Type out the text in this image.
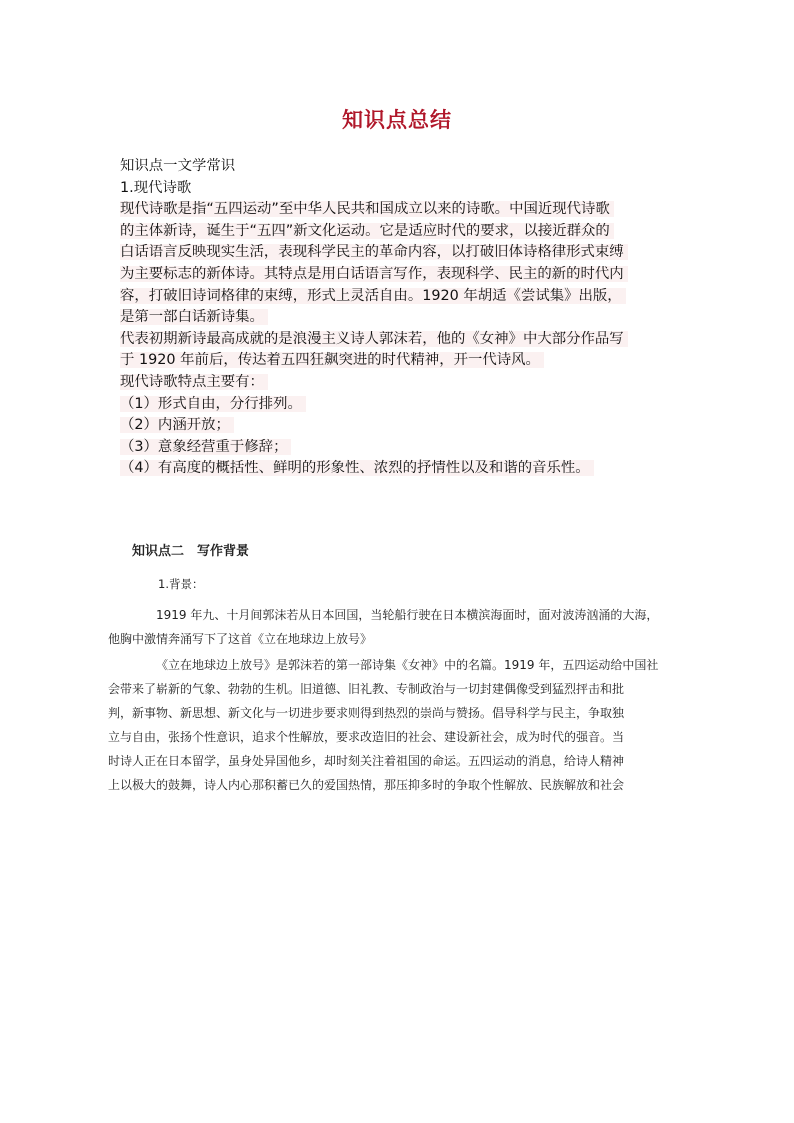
知识点总结
知识点一文学常识
1.现代诗歌
现代诗歌是指“五四运动”至中华人民共和国成立以来的诗歌。中国近现代诗歌
的主体新诗，诞生于“五四”新文化运动。它是适应时代的要求，以接近群众的
白话语言反映现实生活，表现科学民主的革命内容，以打破旧体诗格律形式束缚
为主要标志的新体诗。其特点是用白话语言写作，表现科学、民主的新的时代内
容，打破旧诗词格律的束缚，形式上灵活自由。1920 年胡适《尝试集》出版，
是第一部白话新诗集。
代表初期新诗最高成就的是浪漫主义诗人郭沫若，他的《女神》中大部分作品写
于 1920 年前后，传达着五四狂飙突进的时代精神，开一代诗风。
现代诗歌特点主要有：
（1）形式自由，分行排列。
（2）内涵开放；
（3）意象经营重于修辞；
（4）有高度的概括性、鲜明的形象性、浓烈的抒情性以及和谐的音乐性。
知识点二　写作背景
1.背景：
1919 年九、十月间郭沫若从日本回国，当轮船行驶在日本横滨海面时，面对波涛汹涌的大海，
他胸中激情奔涌写下了这首《立在地球边上放号》
《立在地球边上放号》是郭沫若的第一部诗集《女神》中的名篇。1919 年，五四运动给中国社
会带来了崭新的气象、勃勃的生机。旧道德、旧礼教、专制政治与一切封建偶像受到猛烈抨击和批
判，新事物、新思想、新文化与一切进步要求则得到热烈的崇尚与赞扬。倡导科学与民主，争取独
立与自由，张扬个性意识，追求个性解放，要求改造旧的社会、建设新社会，成为时代的强音。当
时诗人正在日本留学，虽身处异国他乡，却时刻关注着祖国的命运。五四运动的消息，给诗人精神
上以极大的鼓舞，诗人内心那积蓄已久的爱国热情，那压抑多时的争取个性解放、民族解放和社会
